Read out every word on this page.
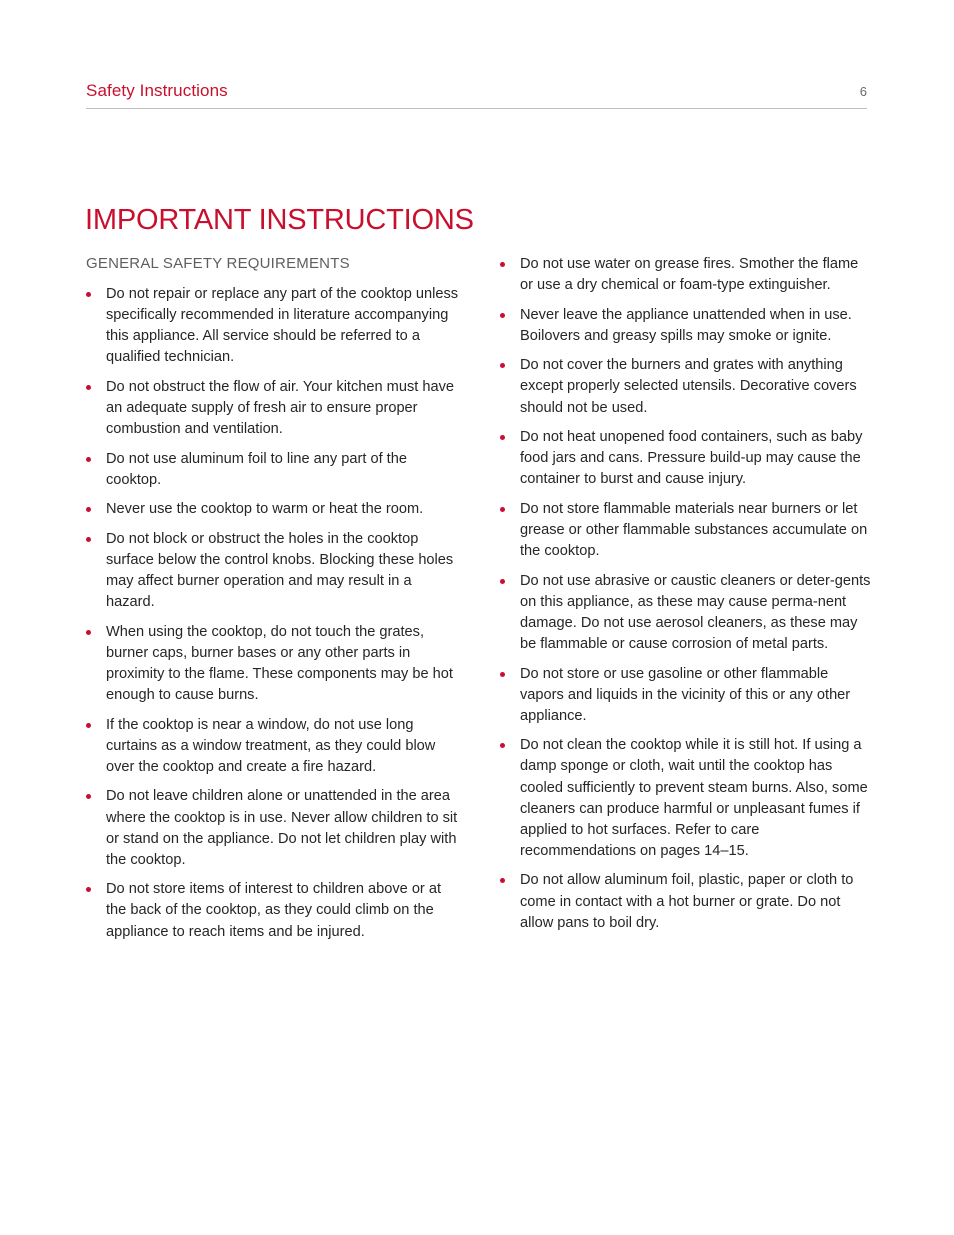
Safety Instructions	6
IMPORTANT INSTRUCTIONS
GENERAL SAFETY REQUIREMENTS
Do not repair or replace any part of the cooktop unless specifically recommended in literature accompanying this appliance. All service should be referred to a qualified technician.
Do not obstruct the flow of air. Your kitchen must have an adequate supply of fresh air to ensure proper combustion and ventilation.
Do not use aluminum foil to line any part of the cooktop.
Never use the cooktop to warm or heat the room.
Do not block or obstruct the holes in the cooktop surface below the control knobs. Blocking these holes may affect burner operation and may result in a hazard.
When using the cooktop, do not touch the grates, burner caps, burner bases or any other parts in proximity to the flame. These components may be hot enough to cause burns.
If the cooktop is near a window, do not use long curtains as a window treatment, as they could blow over the cooktop and create a fire hazard.
Do not leave children alone or unattended in the area where the cooktop is in use. Never allow children to sit or stand on the appliance. Do not let children play with the cooktop.
Do not store items of interest to children above or at the back of the cooktop, as they could climb on the appliance to reach items and be injured.
Do not use water on grease fires. Smother the flame or use a dry chemical or foam-type extinguisher.
Never leave the appliance unattended when in use. Boilovers and greasy spills may smoke or ignite.
Do not cover the burners and grates with anything except properly selected utensils. Decorative covers should not be used.
Do not heat unopened food containers, such as baby food jars and cans. Pressure build-up may cause the container to burst and cause injury.
Do not store flammable materials near burners or let grease or other flammable substances accumulate on the cooktop.
Do not use abrasive or caustic cleaners or deter-gents on this appliance, as these may cause perma-nent damage. Do not use aerosol cleaners, as these may be flammable or cause corrosion of metal parts.
Do not store or use gasoline or other flammable vapors and liquids in the vicinity of this or any other appliance.
Do not clean the cooktop while it is still hot. If using a damp sponge or cloth, wait until the cooktop has cooled sufficiently to prevent steam burns. Also, some cleaners can produce harmful or unpleasant fumes if applied to hot surfaces. Refer to care recommendations on pages 14–15.
Do not allow aluminum foil, plastic, paper or cloth to come in contact with a hot burner or grate. Do not allow pans to boil dry.
